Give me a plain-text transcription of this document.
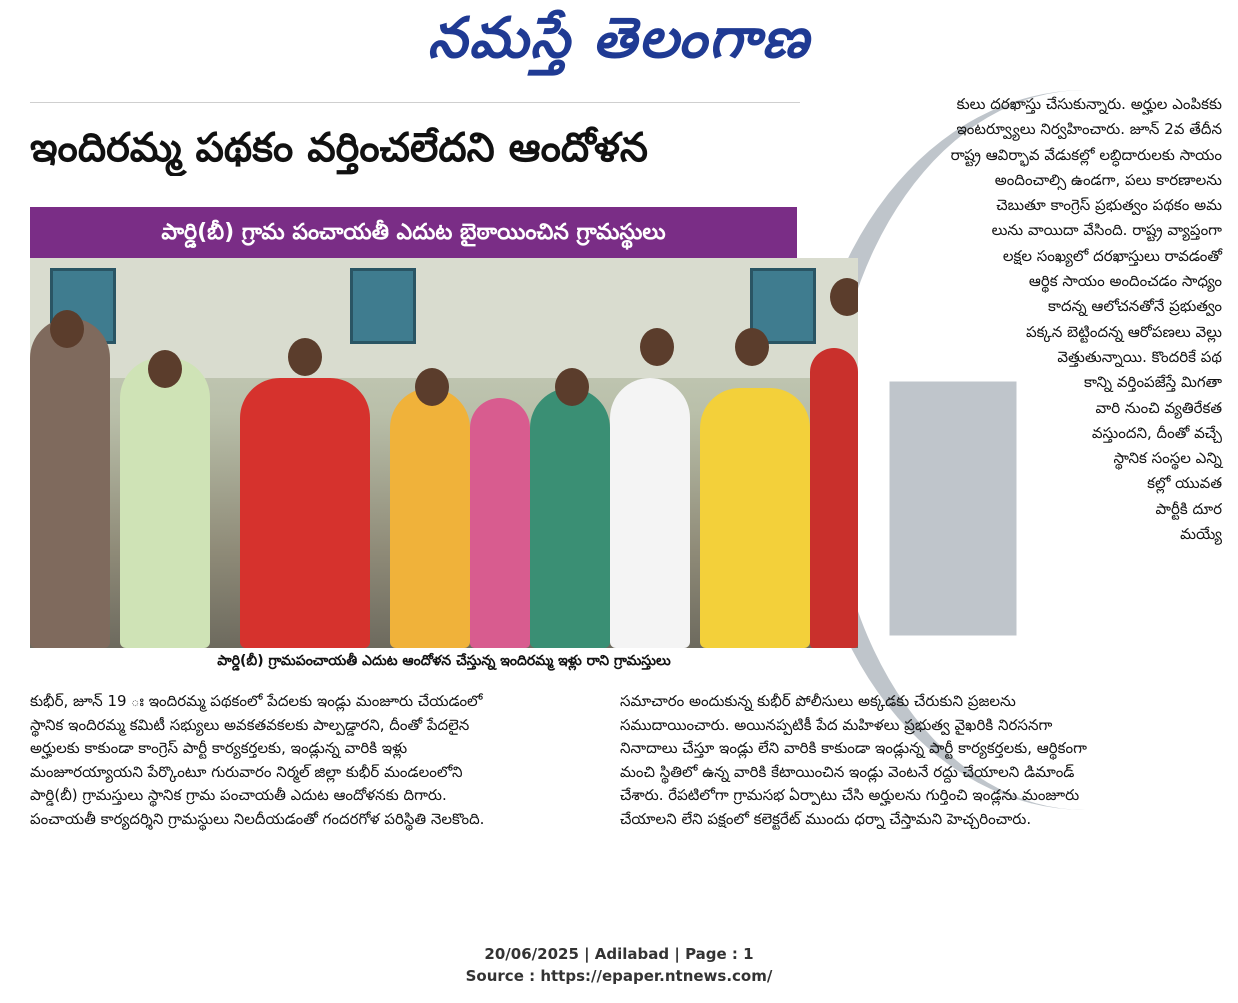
నమస్తే తెలంగాణ
ఇందిరమ్మ పథకం వర్తించలేదని ఆందోళన
పార్డి(బీ) గ్రామ పంచాయతీ ఎదుట బైఠాయించిన గ్రామస్థులు
పార్డి(బీ) గ్రామపంచాయతీ ఎదుట ఆందోళన చేస్తున్న ఇందిరమ్మ ఇళ్లు రాని గ్రామస్తులు

కులు దరఖాస్తు చేసుకున్నారు. అర్హుల ఎంపికకు

ఇంటర్వ్యూలు నిర్వహించారు. జూన్ 2వ తేదీన

రాష్ట్ర ఆవిర్భావ వేడుకల్లో లబ్ధిదారులకు సాయం

అందించాల్సి ఉండగా, పలు కారణాలను

చెబుతూ కాంగ్రెస్ ప్రభుత్వం పథకం అమ

లును వాయిదా వేసింది. రాష్ట్ర వ్యాప్తంగా

లక్షల సంఖ్యలో దరఖాస్తులు రావడంతో

ఆర్థిక సాయం అందించడం సాధ్యం

కాదన్న ఆలోచనతోనే ప్రభుత్వం

పక్కన బెట్టిందన్న ఆరోపణలు వెల్లు

వెత్తుతున్నాయి. కొందరికే పథ

కాన్ని వర్తింపజేస్తే మిగతా

వారి నుంచి వ్యతిరేకత

వస్తుందని, దీంతో వచ్చే

స్థానిక సంస్థల ఎన్ని

కల్లో యువత

పార్టీకి దూర

మయ్యే

కుభీర్, జూన్ 19 ః ఇందిరమ్మ పథకంలో పేదలకు ఇండ్లు మంజూరు చేయడంలో

స్థానిక ఇందిరమ్మ కమిటీ సభ్యులు అవకతవకలకు పాల్పడ్డారని, దీంతో పేదలైన

అర్హులకు కాకుండా కాంగ్రెస్ పార్టీ కార్యకర్తలకు, ఇండ్లున్న వారికి ఇళ్లు

మంజూరయ్యాయని పేర్కొంటూ గురువారం నిర్మల్ జిల్లా కుభీర్ మండలంలోని

పార్డి(బీ) గ్రామస్తులు స్థానిక గ్రామ పంచాయతీ ఎదుట ఆందోళనకు దిగారు.

పంచాయతీ కార్యదర్శిని గ్రామస్థులు నిలదీయడంతో గందరగోళ పరిస్థితి నెలకొంది.

సమాచారం అందుకున్న కుభీర్ పోలీసులు అక్కడకు చేరుకుని ప్రజలను

సముదాయించారు. అయినప్పటికీ పేద మహిళలు ప్రభుత్వ వైఖరికి నిరసనగా

నినాదాలు చేస్తూ ఇండ్లు లేని వారికి కాకుండా ఇండ్లున్న పార్టీ కార్యకర్తలకు, ఆర్థికంగా

మంచి స్థితిలో ఉన్న వారికి కేటాయించిన ఇండ్లు వెంటనే రద్దు చేయాలని డిమాండ్

చేశారు. రేపటిలోగా గ్రామసభ ఏర్పాటు చేసి అర్హులను గుర్తించి ఇండ్లను మంజూరు

చేయాలని లేని పక్షంలో కలెక్టరేట్ ముందు ధర్నా చేస్తామని హెచ్చరించారు.

20/06/2025 | Adilabad | Page : 1
Source : https://epaper.ntnews.com/
